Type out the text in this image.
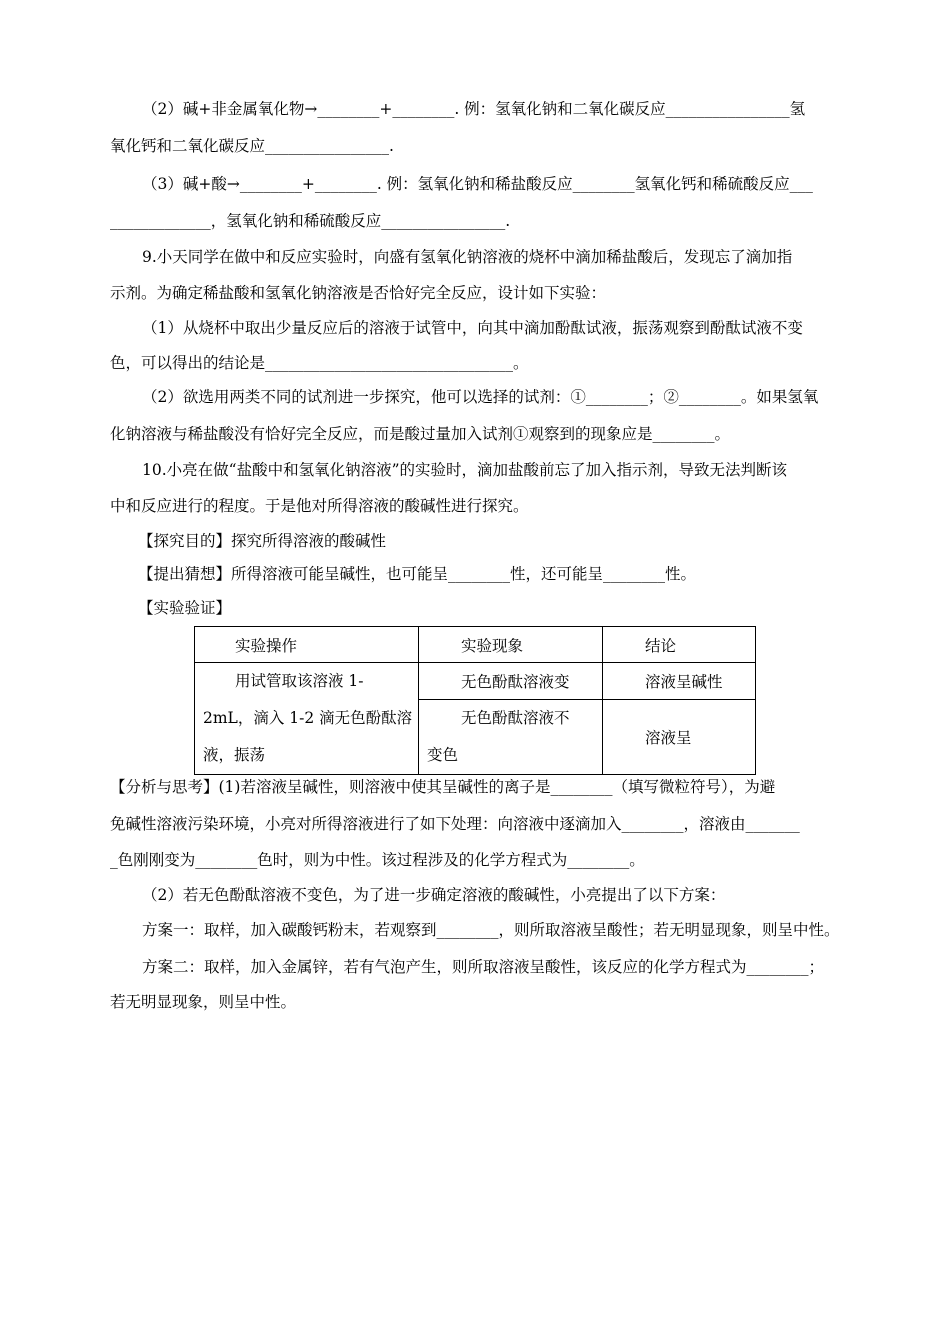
（2）碱+非金属氧化物→________+________. 例：氢氧化钠和二氧化碳反应________________氢
氧化钙和二氧化碳反应________________.
（3）碱+酸→________+________. 例：氢氧化钠和稀盐酸反应________氢氧化钙和稀硫酸反应___
_____________，氢氧化钠和稀硫酸反应________________.
9.小天同学在做中和反应实验时，向盛有氢氧化钠溶液的烧杯中滴加稀盐酸后，发现忘了滴加指
示剂。为确定稀盐酸和氢氧化钠溶液是否恰好完全反应，设计如下实验：
（1）从烧杯中取出少量反应后的溶液于试管中，向其中滴加酚酞试液，振荡观察到酚酞试液不变
色，可以得出的结论是________________________________。
（2）欲选用两类不同的试剂进一步探究，他可以选择的试剂：①________；②________。如果氢氧
化钠溶液与稀盐酸没有恰好完全反应，而是酸过量加入试剂①观察到的现象应是________。
10.小亮在做“盐酸中和氢氧化钠溶液”的实验时，滴加盐酸前忘了加入指示剂，导致无法判断该
中和反应进行的程度。于是他对所得溶液的酸碱性进行探究。
【探究目的】探究所得溶液的酸碱性
【提出猜想】所得溶液可能呈碱性，也可能呈________性，还可能呈________性。
【实验验证】
实验操作	实验现象	结论

用试管取该溶液 1-
2mL，滴入 1-2 滴无色酚酞溶
液，振荡	无色酚酞溶液变	溶液呈碱性

	无色酚酞溶液不
变色	溶液呈
【分析与思考】(1)若溶液呈碱性，则溶液中使其呈碱性的离子是________（填写微粒符号），为避
免碱性溶液污染环境，小亮对所得溶液进行了如下处理：向溶液中逐滴加入________，溶液由_______
_色刚刚变为________色时，则为中性。该过程涉及的化学方程式为________。
（2）若无色酚酞溶液不变色，为了进一步确定溶液的酸碱性，小亮提出了以下方案：
方案一：取样，加入碳酸钙粉末，若观察到________，则所取溶液呈酸性；若无明显现象，则呈中性。
方案二：取样，加入金属锌，若有气泡产生，则所取溶液呈酸性，该反应的化学方程式为________；
若无明显现象，则呈中性。
